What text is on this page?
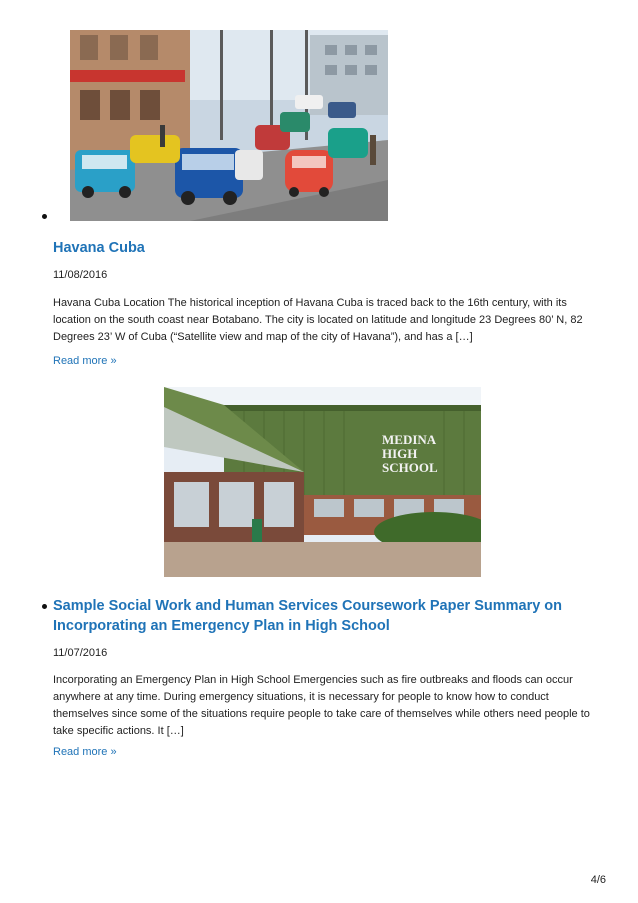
Havana Cuba
11/08/2016

Havana Cuba Location The historical inception of Havana Cuba is traced back to the 16th century, with its location on the south coast near Botabano. The city is located on latitude and longitude 23 Degrees 80’ N, 82 Degrees 23’ W of Cuba (“Satellite view and map of the city of Havana”), and has a […]

Read more »
MEDINA
HIGH
SCHOOL
Sample Social Work and Human Services Coursework Paper Summary on Incorporating an Emergency Plan in High School
11/07/2016

Incorporating an Emergency Plan in High School Emergencies such as fire outbreaks and floods can occur anywhere at any time. During emergency situations, it is necessary for people to know how to conduct themselves since some of the situations require people to take care of themselves while others need people to take specific actions. It […]

Read more »
4/6
